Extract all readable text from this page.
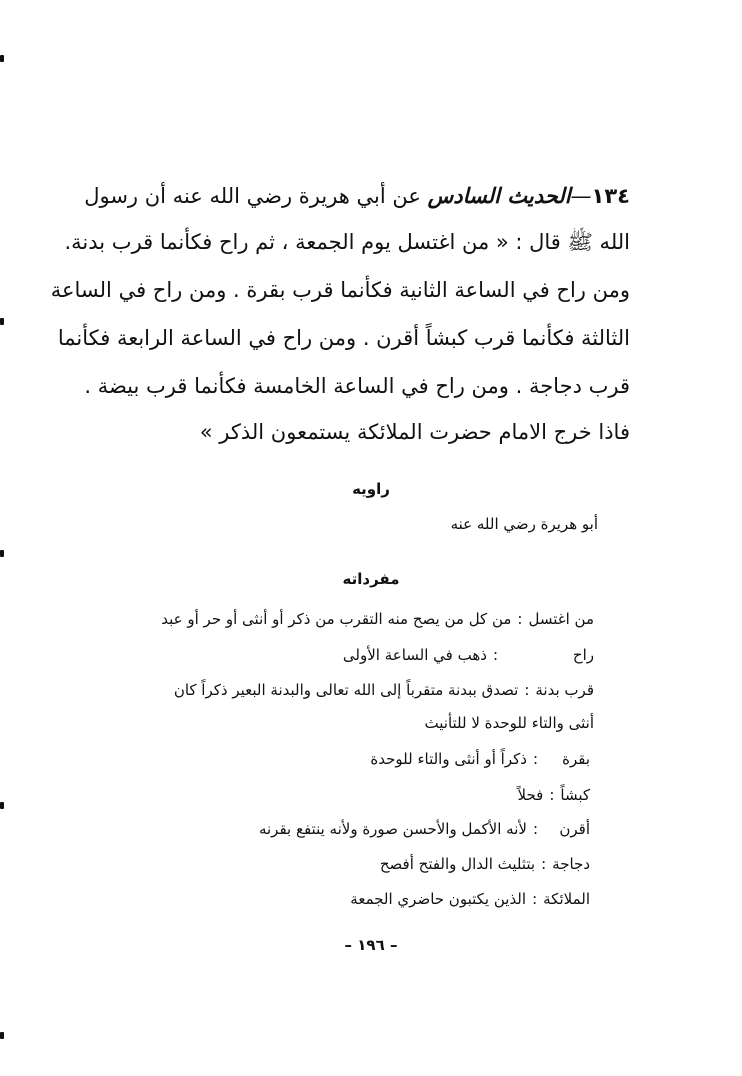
١٣٤—الحديث السادس عن أبي هريرة رضي الله عنه أن رسول
الله ﷺ قال : « من اغتسل يوم الجمعة ، ثم راح فكأنما قرب بدنة.
ومن راح في الساعة الثانية فكأنما قرب بقرة . ومن راح في الساعة
الثالثة فكأنما قرب كبشاً أقرن . ومن راح في الساعة الرابعة فكأنما
قرب دجاجة . ومن راح في الساعة الخامسة فكأنما قرب بيضة .
فاذا خرج الامام حضرت الملائكة يستمعون الذكر »
راويه
أبو هريرة رضي الله عنه
مفرداته
من اغتسل:من كل من يصح منه التقرب من ذكر أو أنثى أو حر أو عبد
راح:ذهب في الساعة الأولى
قرب بدنة:تصدق ببدنة متقرباً إلى الله تعالى والبدنة البعير ذكراً كان
أنثى والتاء للوحدة لا للتأنيث
بقرة:ذكراً أو أنثى والتاء للوحدة
كبشاً:فحلاً
أقرن:لأنه الأكمل والأحسن صورة ولأنه ينتفع بقرنه
دجاجة:بتثليث الدال والفتح أفصح
الملائكة:الذين يكتبون حاضري الجمعة
– ١٩٦ –
